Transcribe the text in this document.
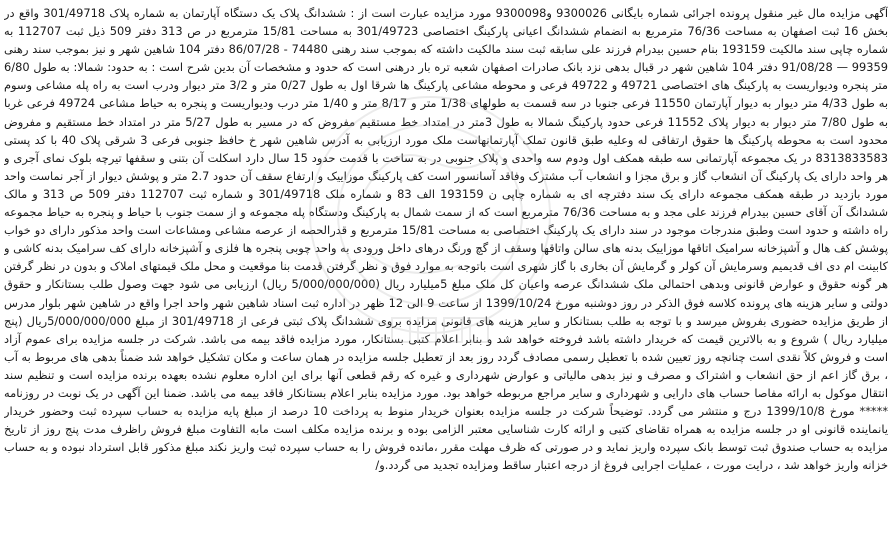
آگهی مزایده مال غیر منقول پرونده اجرائی شماره بایگانی 9300026 و9300098 مورد مزایده عبارت است از : ششدانگ پلاک یک دستگاه آپارتمان به شماره پلاک 301/49718 واقع در بخش 16 ثبت اصفهان به مساحت 76/36 مترمربع به انضمام ششدانگ اعیانی پارکینگ اختصاصی 301/49723 به مساحت 15/81 مترمربع در ص 313 دفتر 509 ذیل ثبت 112707 به شماره چاپی سند مالکیت 193159 بنام حسین بیدرام فرزند علی سابقه ثبت سند مالکیت داشته که بموجب سند رهنی 74480 - 86/07/28 دفتر 104 شاهین شهر و نیز بموجب سند رهنی 99359 — 91/08/28 دفتر 104 شاهین شهر در قبال بدهی نزد بانک صادرات اصفهان شعبه تره بار درهنی است که حدود و مشخصات آن بدین شرح است : به حدود: شمالا: به طول 6/80 متر پنجره ودیواریست به پارکینگ های اختصاصی 49721 و 49722 فرعی و محوطه مشاعی پارکینگ ها شرقا اول به طول 0/27 متر و 3/2 متر دیوار ودرب است به راه پله مشاعی وسوم به طول 4/33 متر دیوار به دیوار آپارتمان 11550 فرعی جنوبا در سه قسمت به طولهای 1/38 متر و 8/17 متر و 1/40 متر درب ودیواریست و پنجره به حیاط مشاعی 49724 فرعی غربا به طول 7/80 متر دیوار به دیوار پلاک 11552 فرعی حدود پارکینگ شمالا به طول 3متر در امتداد خط مستقیم مفروض که در مسیر به طول 5/27 متر در امتداد خط مستقیم و مفروض محدود است به محوطه پارکینگ ها حقوق ارتفاقی له وعلیه طبق قانون تملک آپارتمانهاست ملک مورد ارزیابی به آدرس شاهین شهر خ حافظ جنوبی فرعی 3 شرقی پلاک 40 با کد پستی 8313833583 در یک مجموعه آپارتمانی سه طبقه همکف اول ودوم سه واحدی و پلاک جنوبی در به ساخت با قدمت حدود 15 سال دارد اسکلت آن بتنی و سقفها تیرچه بلوک نمای آجری و هر واحد دارای یک پارکینگ آن انشعاب گاز و برق مجزا و انشعاب آب مشترک وفاقد آسانسور است کف پارکینگ موزاییک و ارتفاع سقف آن حدود 2.7 متر و پوشش دیوار از آجر نماست واحد مورد بازدید در طبقه همکف مجموعه دارای یک سند دفترچه ای به شماره چاپی ن 193159 الف 83 و شماره ملک 301/49718 و شماره ثبت 112707 دفتر 509 ص 313 و مالک ششدانگ آن آقای حسین بیدرام فرزند علی مجد و به مساحت 76/36 مترمربع است که از سمت شمال به پارکینگ ودستگاه پله مجموعه و از سمت جنوب با حیاط و پنجره به حیاط مجموعه راه داشته و حدود است وطبق مندرجات موجود در سند دارای یک پارکینگ اختصاصی به مساحت 15/81 مترمربع و قدرالحصه از عرصه مشاعی ومشاعات است واحد مذکور دارای دو خواب پوشش کف هال و آشپزخانه سرامیک اتاقها موزاییک بدنه های سالن واتاقها وسقف از گچ ورنگ درهای داخل ورودی به واحد چوبی پنجره ها فلزی و آشپزخانه دارای کف سرامیک بدنه کاشی و کابینت ام دی اف قدیمیم وسرمایش آن کولر و گرمایش آن بخاری با گاز شهری است باتوجه به موارد فوق و نظر گرفتن قدمت بنا موقعیت و محل ملک قیمتهای املاک و بدون در نظر گرفتن هر گونه حقوق و عوارض قانونی وبدهی احتمالی ملک ششدانگ عرصه واعیان کل ملک مبلغ 5میلیارد ریال (5/000/000/000 ریال) ارزیابی می شود جهت وصول طلب بستانکار و حقوق دولتی و سایر هزینه های پرونده کلاسه فوق الذکر در روز دوشنبه مورخ 1399/10/24 از ساعت 9 الی 12 ظهر در اداره ثبت اسناد شاهین شهر واحد اجرا واقع در شاهین شهر بلوار مدرس از طریق مزایده حضوری بفروش میرسد و با توجه به طلب بستانکار و سایر هزینه های قانونی مزایده بروی ششدانگ پلاک ثبتی فرعی از 301/49718 از مبلغ 5/000/000/000ریال (پنج میلیارد ریال ) شروع و به بالاترین قیمت که خریدار داشته باشد فروخته خواهد شد و بنابر اعلام کتبی بستانکار، مورد مزایده فاقد بیمه می باشد. شرکت در جلسه مزایده برای عموم آزاد است و فروش کلاً نقدی است چنانچه روز تعیین شده با تعطیل رسمی مصادف گردد روز بعد از تعطیل جلسه مزایده در همان ساعت و مکان تشکیل خواهد شد ضمناً بدهی های مربوط به آب ، برق گاز اعم از حق انشعاب و اشتراک و مصرف و نیز بدهی مالیاتی و عوارض شهرداری و غیره که رقم قطعی آنها برای این اداره معلوم نشده بعهده برنده مزایده است و تنظیم سند انتقال موکول به ارائه مفاصا حساب های دارایی و شهرداری و سایر مراجع مربوطه خواهد بود. مورد مزایده بنابر اعلام بستانکار فاقد بیمه می باشد. ضمنا این آگهی در یک نوبت در روزنامه ***** مورخ 1399/10/8 درج و منتشر می گردد. توضیحاً شرکت در جلسه مزایده بعنوان خریدار منوط به پرداخت 10 درصد از مبلغ پایه مزایده به حساب سپرده ثبت وحضور خریدار یانماینده قانونی او در جلسه مزایده به همراه تقاضای کتبی و ارائه کارت شناسایی معتبر الزامی بوده و برنده مزایده مکلف است مابه التفاوت مبلغ فروش راظرف مدت پنج روز از تاریخ مزایده به حساب صندوق ثبت توسط بانک سپرده واریز نماید و در صورتی که ظرف مهلت مقرر ،مانده فروش را به حساب سپرده ثبت واریز نکند مبلغ مذکور قابل استرداد نبوده و به حساب خزانه واریز خواهد شد ، درایت مورت ، عملیات اجرایی فروغ از درجه اعتبار ساقط ومزایده تجدید می گردد.و/
